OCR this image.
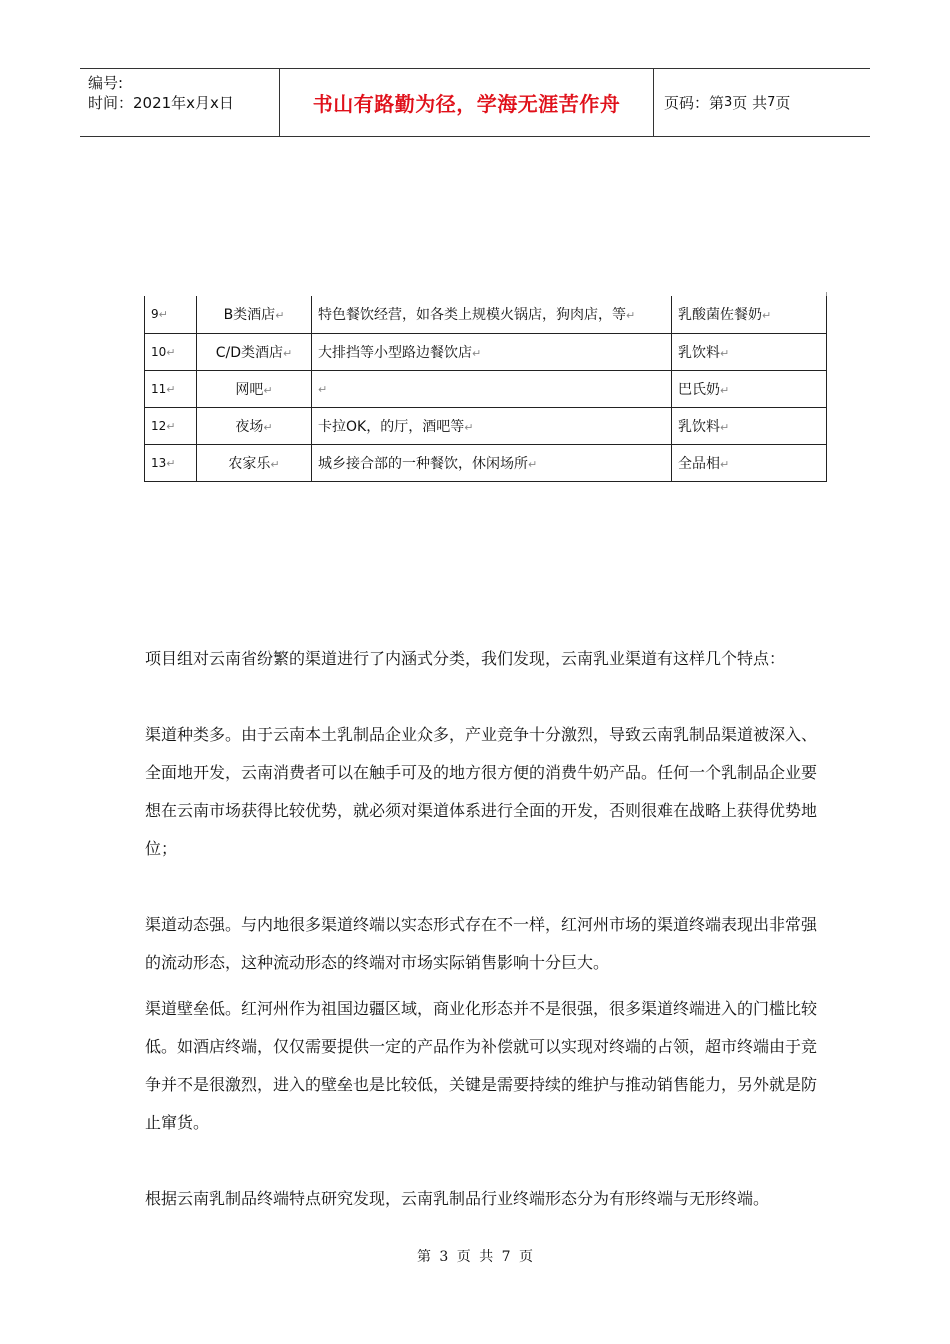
编号:
时间：2021年x月x日	书山有路勤为径，学海无涯苦作舟	页码：第 3 页 共 7 页
9↵	B类酒店↵	特色餐饮经营，如各类上规模火锅店，狗肉店，等↵	乳酸菌佐餐奶↵
10↵	C/D类酒店↵	大排挡等小型路边餐饮店↵	乳饮料↵
11↵	网吧↵	↵	巴氏奶↵
12↵	夜场↵	卡拉OK，的厅，酒吧等↵	乳饮料↵
13↵	农家乐↵	城乡接合部的一种餐饮，休闲场所↵	全品相↵

项目组对云南省纷繁的渠道进行了内涵式分类，我们发现，云南乳业渠道有这样几个特点：

渠道种类多。由于云南本土乳制品企业众多，产业竞争十分激烈，导致云南乳制品渠道被深入、全面地开发，云南消费者可以在触手可及的地方很方便的消费牛奶产品。任何一个乳制品企业要想在云南市场获得比较优势，就必须对渠道体系进行全面的开发，否则很难在战略上获得优势地位；

渠道动态强。与内地很多渠道终端以实态形式存在不一样，红河州市场的渠道终端表现出非常强的流动形态，这种流动形态的终端对市场实际销售影响十分巨大。

渠道壁垒低。红河州作为祖国边疆区域，商业化形态并不是很强，很多渠道终端进入的门槛比较低。如酒店终端，仅仅需要提供一定的产品作为补偿就可以实现对终端的占领，超市终端由于竞争并不是很激烈，进入的壁垒也是比较低，关键是需要持续的维护与推动销售能力，另外就是防止窜货。

根据云南乳制品终端特点研究发现，云南乳制品行业终端形态分为有形终端与无形终端。

第 3 页 共 7 页
